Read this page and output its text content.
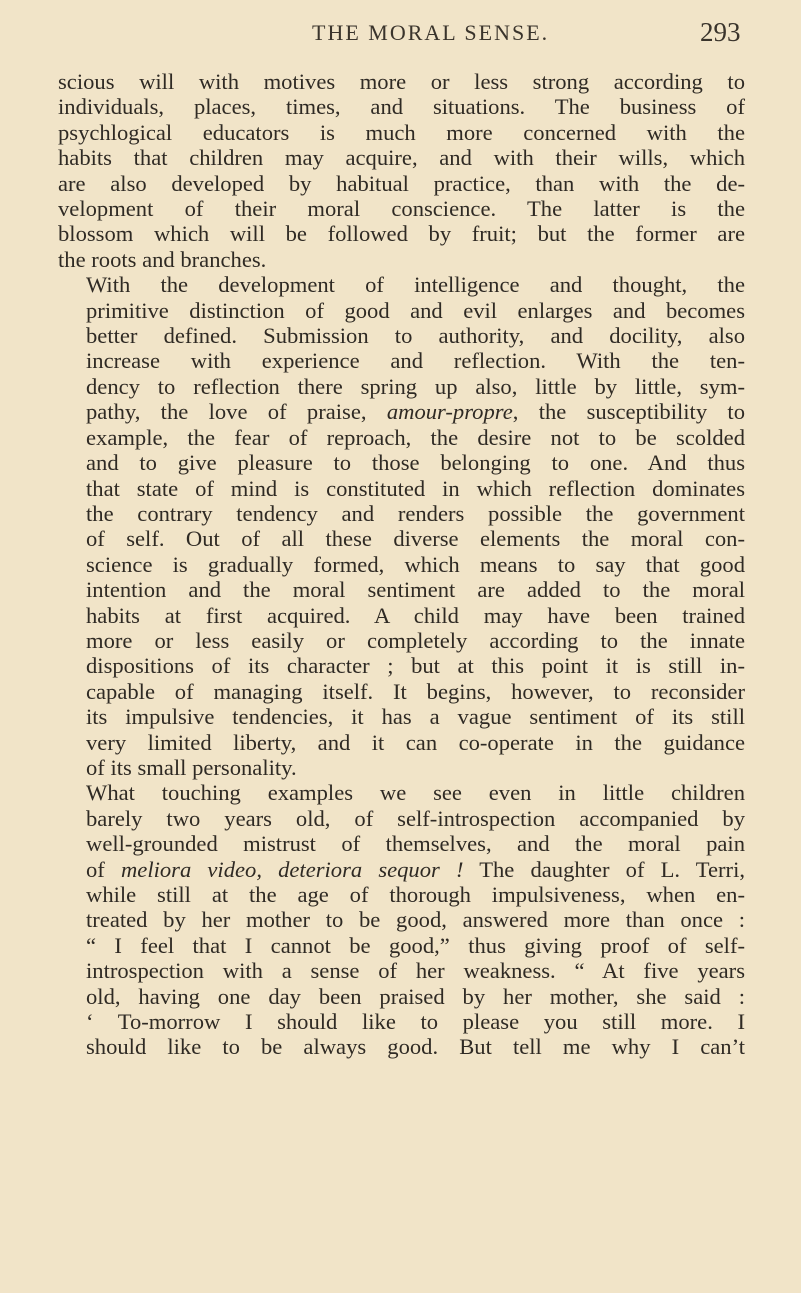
THE MORAL SENSE.	293

scious will with motives more or less strong according to
individuals, places, times, and situations. The business of
psychlogical educators is much more concerned with the
habits that children may acquire, and with their wills, which
are also developed by habitual practice, than with the de-
velopment of their moral conscience. The latter is the
blossom which will be followed by fruit; but the former are
the roots and branches.

With the development of intelligence and thought, the
primitive distinction of good and evil enlarges and becomes
better defined. Submission to authority, and docility, also
increase with experience and reflection. With the ten-
dency to reflection there spring up also, little by little, sym-
pathy, the love of praise, amour-propre, the susceptibility to
example, the fear of reproach, the desire not to be scolded
and to give pleasure to those belonging to one. And thus
that state of mind is constituted in which reflection dominates
the contrary tendency and renders possible the government
of self. Out of all these diverse elements the moral con-
science is gradually formed, which means to say that good
intention and the moral sentiment are added to the moral
habits at first acquired. A child may have been trained
more or less easily or completely according to the innate
dispositions of its character ; but at this point it is still in-
capable of managing itself. It begins, however, to reconsider
its impulsive tendencies, it has a vague sentiment of its still
very limited liberty, and it can co-operate in the guidance
of its small personality.

What touching examples we see even in little children
barely two years old, of self-introspection accompanied by
well-grounded mistrust of themselves, and the moral pain
of meliora video, deteriora sequor ! The daughter of L. Terri,
while still at the age of thorough impulsiveness, when en-
treated by her mother to be good, answered more than once :
“ I feel that I cannot be good,” thus giving proof of self-
introspection with a sense of her weakness. “ At five years
old, having one day been praised by her mother, she said :
‘ To-morrow I should like to please you still more. I
should like to be always good. But tell me why I can’t
